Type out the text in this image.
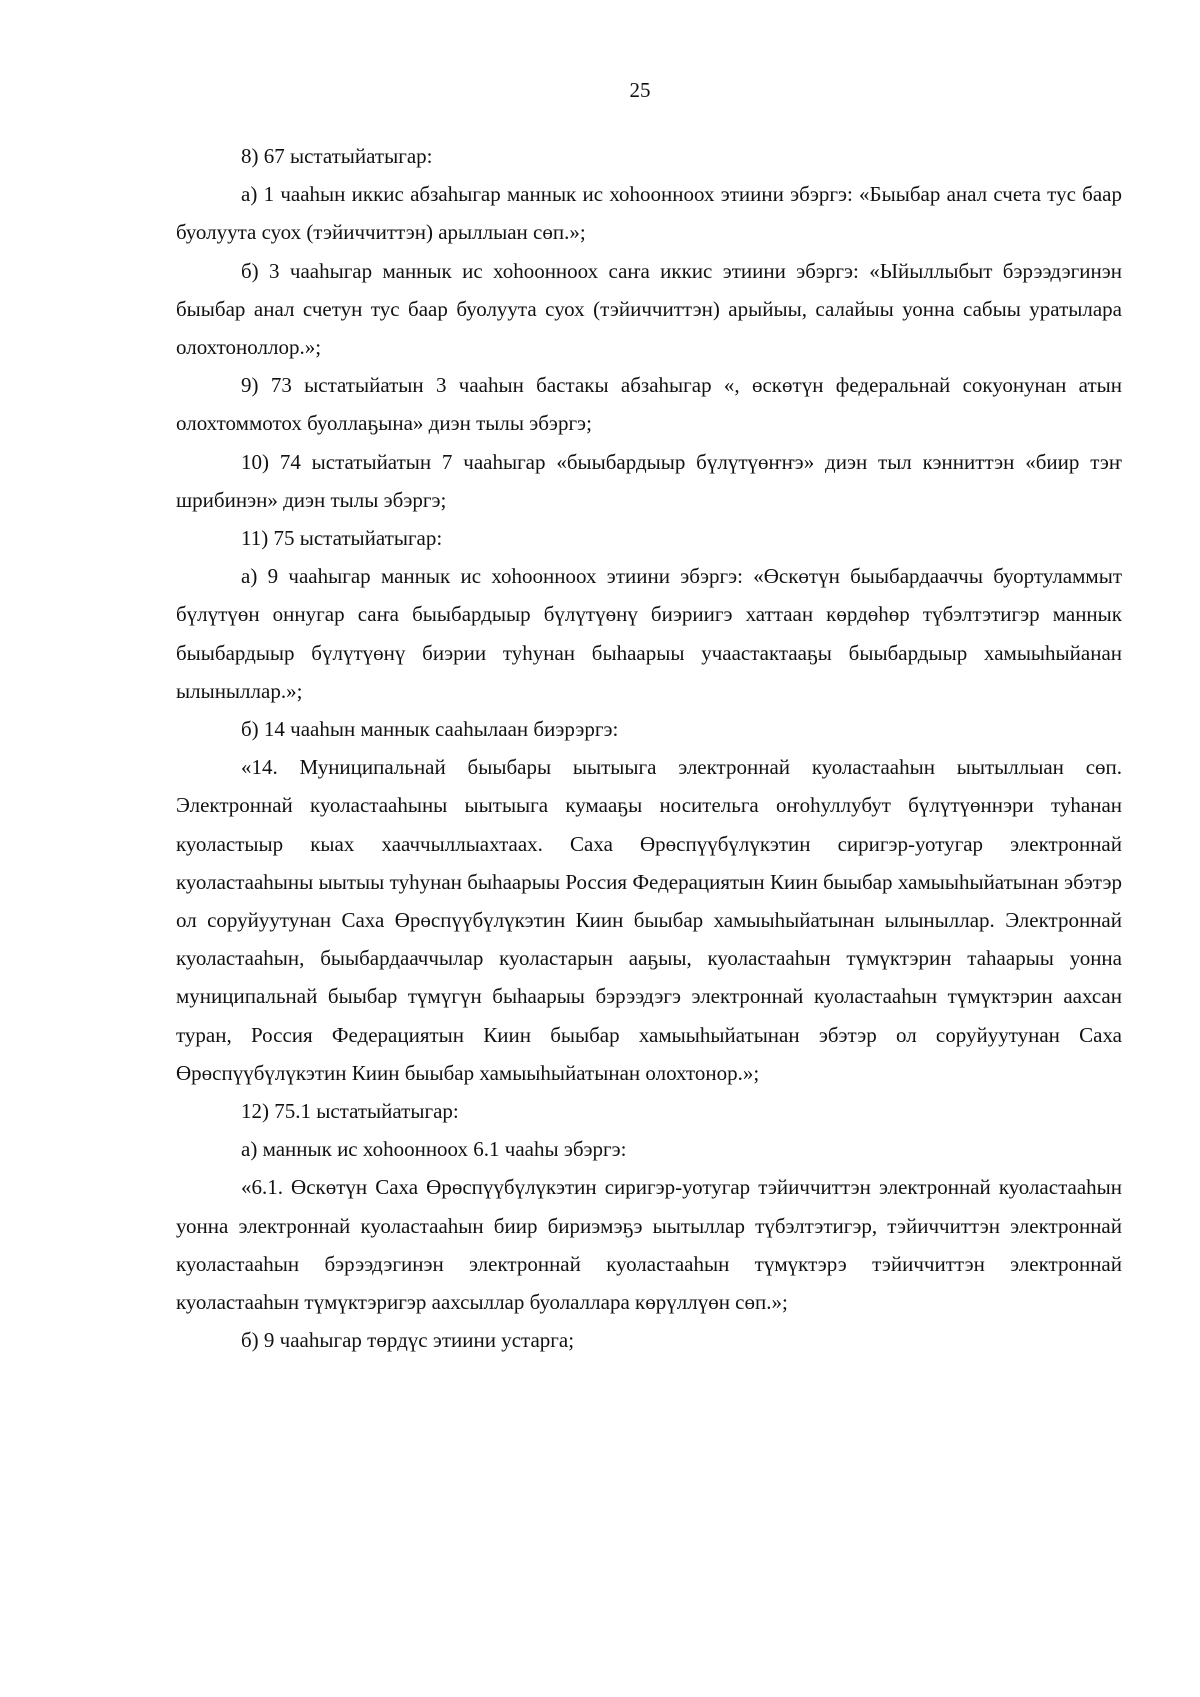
25

8) 67 ыстатыйатыгар:

а) 1 чааһын иккис абзаһыгар маннык ис хоһоонноох этиини эбэргэ: «Быыбар анал счета тус баар буолуута суох (тэйиччиттэн) арыллыан сөп.»;

б) 3 чааһыгар маннык ис хоһоонноох саҥа иккис этиини эбэргэ: «Ыйыллыбыт бэрээдэгинэн быыбар анал счетун тус баар буолуута суох (тэйиччиттэн) арыйыы, салайыы уонна сабыы уратылара олохтоноллор.»;

9) 73 ыстатыйатын 3 чааһын бастакы абзаһыгар «, өскөтүн федеральнай сокуонунан атын олохтоммотох буоллаҕына» диэн тылы эбэргэ;

10) 74 ыстатыйатын 7 чааһыгар «быыбардыыр бүлүтүөҥҥэ» диэн тыл кэнниттэн «биир тэҥ шрибинэн» диэн тылы эбэргэ;

11) 75 ыстатыйатыгар:

а) 9 чааһыгар маннык ис хоһоонноох этиини эбэргэ: «Өскөтүн быыбардааччы буортуламмыт бүлүтүөн оннугар саҥа быыбардыыр бүлүтүөнү биэриигэ хаттаан көрдөһөр түбэлтэтигэр маннык быыбардыыр бүлүтүөнү биэрии туһунан быһаарыы учаастактааҕы быыбардыыр хамыыһыйанан ылыныллар.»;

б) 14 чааһын маннык сааһылаан биэрэргэ:

«14. Муниципальнай быыбары ыытыыга электроннай куоластааһын ыытыллыан сөп. Электроннай куоластааһыны ыытыыга кумааҕы носительга оҥоһуллубут бүлүтүөннэри туһанан куоластыыр кыах хааччыллыахтаах. Саха Өрөспүүбүлүкэтин сиригэр-уотугар электроннай куоластааһыны ыытыы туһунан быһаарыы Россия Федерациятын Киин быыбар хамыыһыйатынан эбэтэр ол соруйуутунан Саха Өрөспүүбүлүкэтин Киин быыбар хамыыһыйатынан ылыныллар. Электроннай куоластааһын, быыбардааччылар куоластарын ааҕыы, куоластааһын түмүктэрин таһаарыы уонна муниципальнай быыбар түмүгүн быһаарыы бэрээдэгэ электроннай куоластааһын түмүктэрин аахсан туран, Россия Федерациятын Киин быыбар хамыыһыйатынан эбэтэр ол соруйуутунан Саха Өрөспүүбүлүкэтин Киин быыбар хамыыһыйатынан олохтонор.»;

12) 75.1 ыстатыйатыгар:

а) маннык ис хоһоонноох 6.1 чааһы эбэргэ:

«6.1. Өскөтүн Саха Өрөспүүбүлүкэтин сиригэр-уотугар тэйиччиттэн электроннай куоластааһын уонна электроннай куоластааһын биир бириэмэҕэ ыытыллар түбэлтэтигэр, тэйиччиттэн электроннай куоластааһын бэрээдэгинэн электроннай куоластааһын түмүктэрэ тэйиччиттэн электроннай куоластааһын түмүктэригэр аахсыллар буолаллара көрүллүөн сөп.»;

б) 9 чааһыгар төрдүс этиини устарга;
